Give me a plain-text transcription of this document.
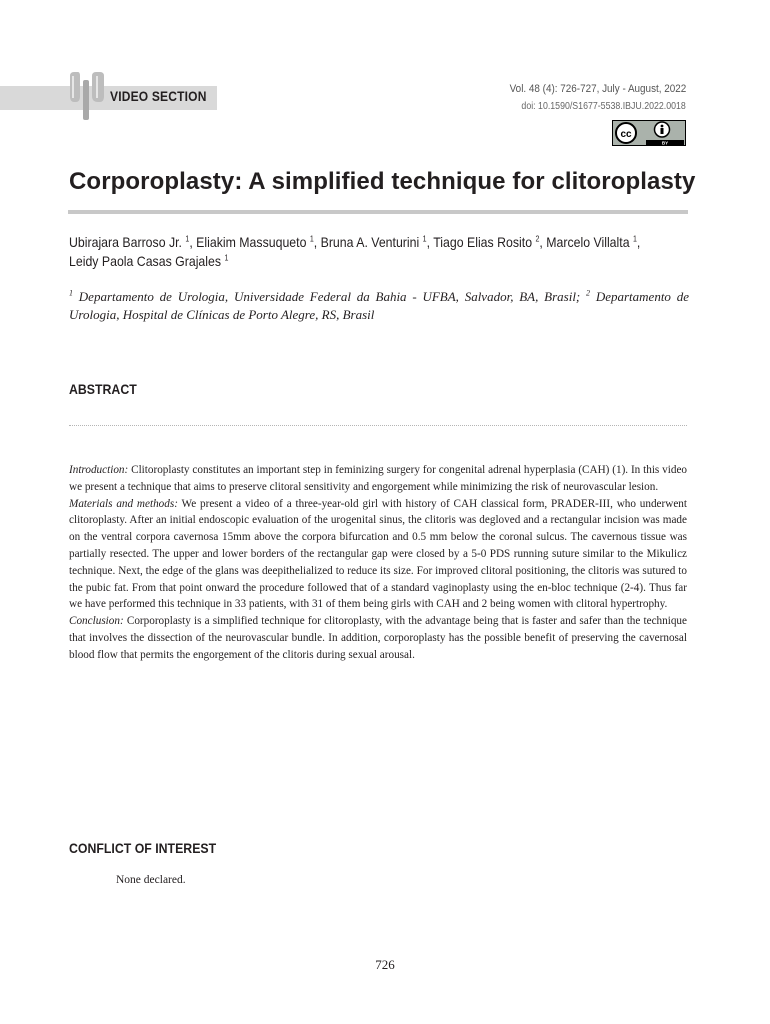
VIDEO SECTION	Vol. 48 (4): 726-727, July - August, 2022
doi: 10.1590/S1677-5538.IBJU.2022.0018
cc
BY
Corporoplasty: A simplified technique for clitoroplasty
Ubirajara Barroso Jr. $^1$, Eliakim Massuqueto $^1$, Bruna A. Venturini $^1$, Tiago Elias Rosito $^2$, Marcelo Villalta $^1$,
Leidy Paola Casas Grajales $^1$
$^1$ Departamento de Urologia, Universidade Federal da Bahia - UFBA, Salvador, BA, Brasil; $^2$ Departamento de Urologia, Hospital de Clínicas de Porto Alegre, RS, Brasil
ABSTRACT

Introduction: Clitoroplasty constitutes an important step in feminizing surgery for congenital adrenal hyperplasia (CAH) (1). In this video we present a technique that aims to preserve clitoral sensitivity and engorgement while minimizing the risk of neurovascular lesion.

Materials and methods: We present a video of a three-year-old girl with history of CAH classical form, PRADER-III, who underwent clitoroplasty. After an initial endoscopic evaluation of the urogenital sinus, the clitoris was degloved and a rectangular incision was made on the ventral corpora cavernosa 15mm above the corpora bifurcation and 0.5 mm below the coronal sulcus. The cavernous tissue was partially resected. The upper and lower borders of the rectangular gap were closed by a 5-0 PDS running suture similar to the Mikulicz technique. Next, the edge of the glans was deepithelialized to reduce its size. For improved clitoral positioning, the clitoris was sutured to the pubic fat. From that point onward the procedure followed that of a standard vaginoplasty using the en-bloc technique (2-4). Thus far we have performed this technique in 33 patients, with 31 of them being girls with CAH and 2 being women with clitoral hypertrophy.

Conclusion: Corporoplasty is a simplified technique for clitoroplasty, with the advantage being that is faster and safer than the technique that involves the dissection of the neurovascular bundle. In addition, corporoplasty has the possible benefit of preserving the cavernosal blood flow that permits the engorgement of the clitoris during sexual arousal.

CONFLICT OF INTEREST
None declared.
726
